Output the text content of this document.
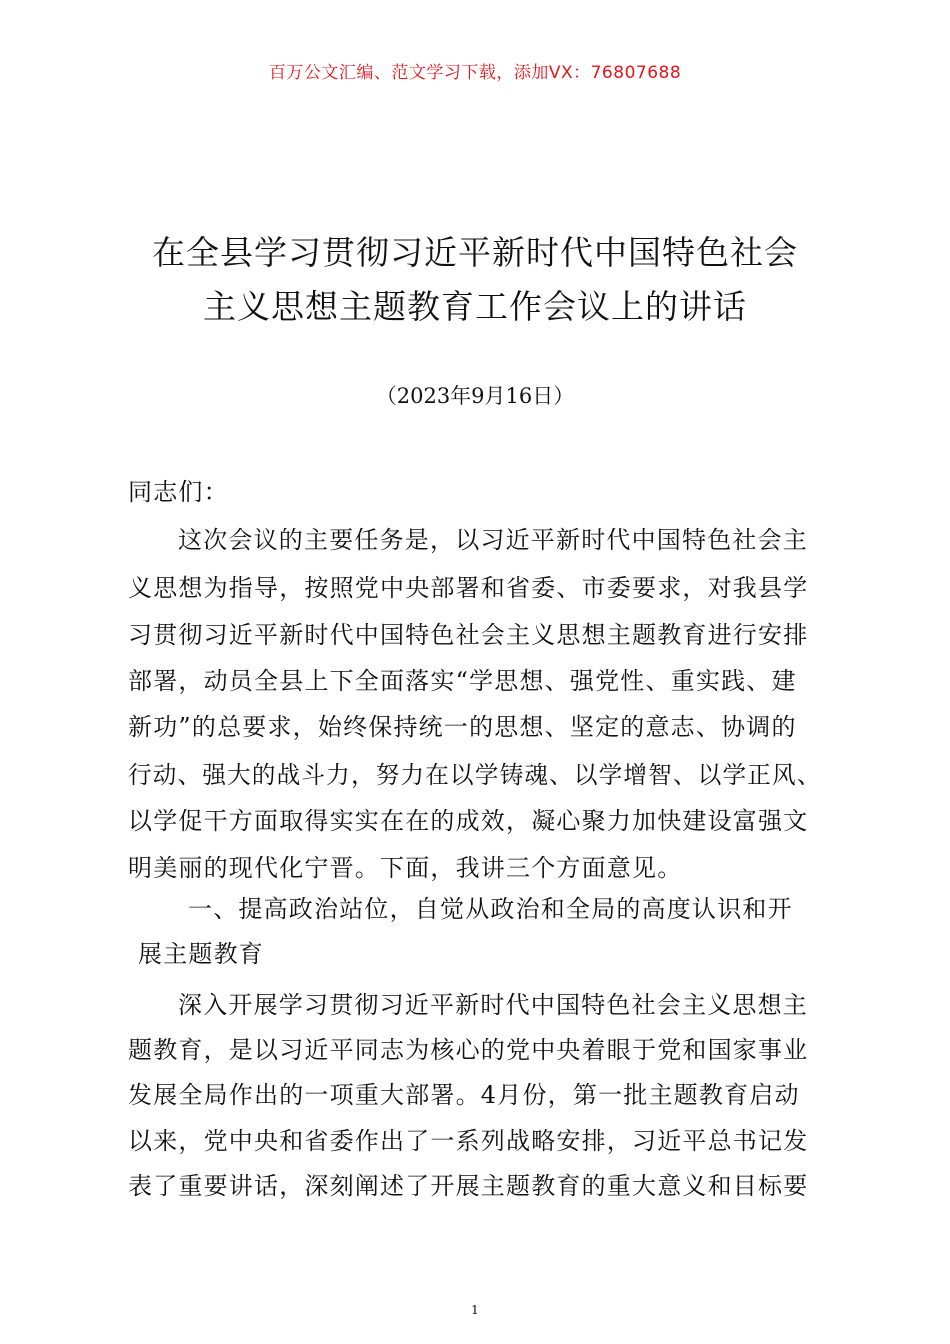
百万公文汇编、范文学习下载，添加VX：76807688
在全县学习贯彻习近平新时代中国特色社会
主义思想主题教育工作会议上的讲话
（2023年9月16日）
同志们：
这次会议的主要任务是，以习近平新时代中国特色社会主
义思想为指导，按照党中央部署和省委、市委要求，对我县学
习贯彻习近平新时代中国特色社会主义思想主题教育进行安排
部署，动员全县上下全面落实“学思想、强党性、重实践、建
新功”的总要求，始终保持统一的思想、坚定的意志、协调的
行动、强大的战斗力，努力在以学铸魂、以学增智、以学正风、
以学促干方面取得实实在在的成效，凝心聚力加快建设富强文
明美丽的现代化宁晋。下面，我讲三个方面意见。
一、提高政治站位，自觉从政治和全局的高度认识和开
展主题教育
深入开展学习贯彻习近平新时代中国特色社会主义思想主
题教育，是以习近平同志为核心的党中央着眼于党和国家事业
发展全局作出的一项重大部署。4月份，第一批主题教育启动
以来，党中央和省委作出了一系列战略安排，习近平总书记发
表了重要讲话，深刻阐述了开展主题教育的重大意义和目标要
1
